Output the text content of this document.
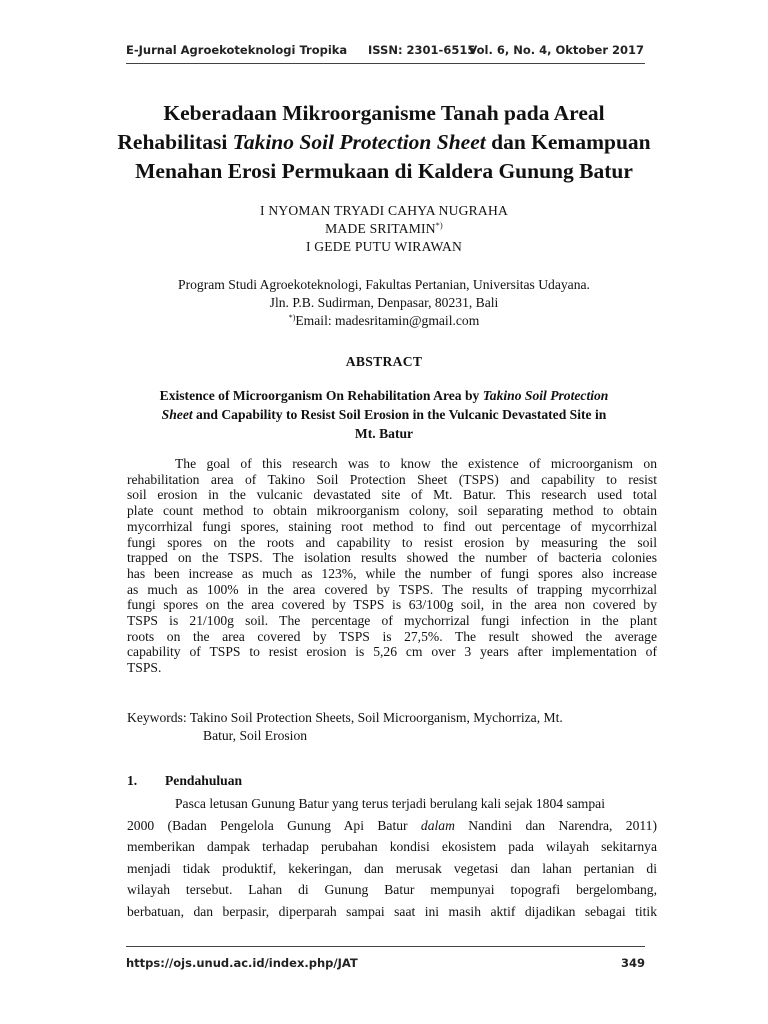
E-Jurnal Agroekoteknologi Tropika ISSN: 2301-6515
Vol. 6, No. 4, Oktober 2017
Keberadaan Mikroorganisme Tanah pada Areal
Rehabilitasi Takino Soil Protection Sheet dan Kemampuan
Menahan Erosi Permukaan di Kaldera Gunung Batur
I NYOMAN TRYADI CAHYA NUGRAHA
MADE SRITAMIN*)
I GEDE PUTU WIRAWAN
Program Studi Agroekoteknologi, Fakultas Pertanian, Universitas Udayana.
Jln. P.B. Sudirman, Denpasar, 80231, Bali
*)Email: madesritamin@gmail.com
ABSTRACT
Existence of Microorganism On Rehabilitation Area by Takino Soil Protection
Sheet and Capability to Resist Soil Erosion in the Vulcanic Devastated Site in
Mt. Batur
The goal of this research was to know the existence of microorganism on
rehabilitation area of Takino Soil Protection Sheet (TSPS) and capability to resist
soil erosion in the vulcanic devastated site of Mt. Batur. This research used total
plate count method to obtain mikroorganism colony, soil separating method to obtain
mycorrhizal fungi spores, staining root method to find out percentage of mycorrhizal
fungi spores on the roots and capability to resist erosion by measuring the soil
trapped on the TSPS. The isolation results showed the number of bacteria colonies
has been increase as much as 123%, while the number of fungi spores also increase
as much as 100% in the area covered by TSPS. The results of trapping mycorrhizal
fungi spores on the area covered by TSPS is 63/100g soil, in the area non covered by
TSPS is 21/100g soil. The percentage of mychorrizal fungi infection in the plant
roots on the area covered by TSPS is 27,5%. The result showed the average
capability of TSPS to resist erosion is 5,26 cm over 3 years after implementation of
TSPS.
Keywords: Takino Soil Protection Sheets, Soil Microorganism, Mychorriza, Mt.
Batur, Soil Erosion
1. Pendahuluan
Pasca letusan Gunung Batur yang terus terjadi berulang kali sejak 1804 sampai
2000 (Badan Pengelola Gunung Api Batur dalam Nandini dan Narendra, 2011)
memberikan dampak terhadap perubahan kondisi ekosistem pada wilayah sekitarnya
menjadi tidak produktif, kekeringan, dan merusak vegetasi dan lahan pertanian di
wilayah tersebut. Lahan di Gunung Batur mempunyai topografi bergelombang,
berbatuan, dan berpasir, diperparah sampai saat ini masih aktif dijadikan sebagai titik
https://ojs.unud.ac.id/index.php/JAT	349
